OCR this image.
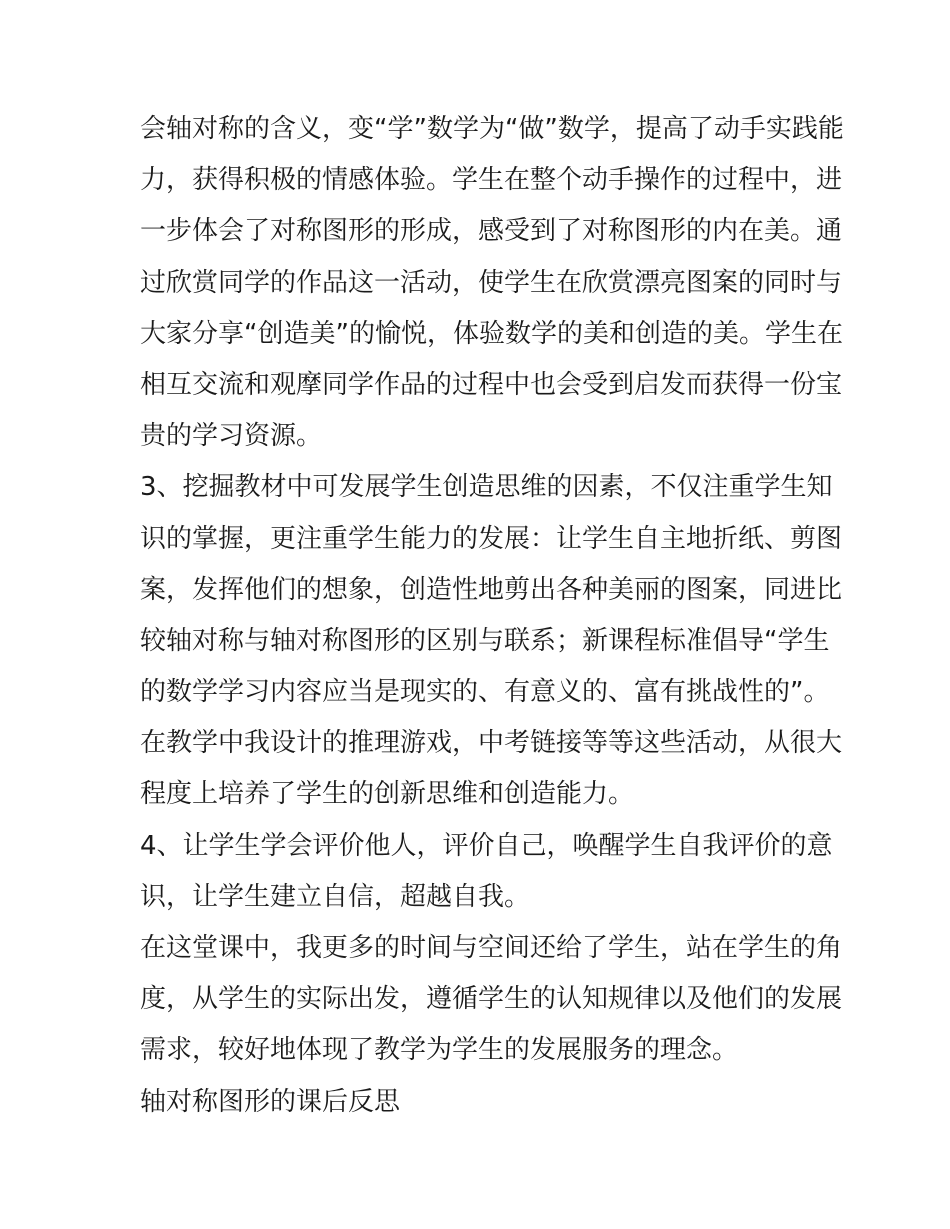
会轴对称的含义，变“学”数学为“做”数学，提高了动手实践能
力，获得积极的情感体验。学生在整个动手操作的过程中，进
一步体会了对称图形的形成，感受到了对称图形的内在美。通
过欣赏同学的作品这一活动，使学生在欣赏漂亮图案的同时与
大家分享“创造美”的愉悦，体验数学的美和创造的美。学生在
相互交流和观摩同学作品的过程中也会受到启发而获得一份宝
贵的学习资源。
3、挖掘教材中可发展学生创造思维的因素，不仅注重学生知
识的掌握，更注重学生能力的发展：让学生自主地折纸、剪图
案，发挥他们的想象，创造性地剪出各种美丽的图案，同进比
较轴对称与轴对称图形的区别与联系；新课程标准倡导“学生
的数学学习内容应当是现实的、有意义的、富有挑战性的”。
在教学中我设计的推理游戏，中考链接等等这些活动，从很大
程度上培养了学生的创新思维和创造能力。
4、让学生学会评价他人，评价自己，唤醒学生自我评价的意
识，让学生建立自信，超越自我。
在这堂课中，我更多的时间与空间还给了学生，站在学生的角
度，从学生的实际出发，遵循学生的认知规律以及他们的发展
需求，较好地体现了教学为学生的发展服务的理念。
轴对称图形的课后反思
